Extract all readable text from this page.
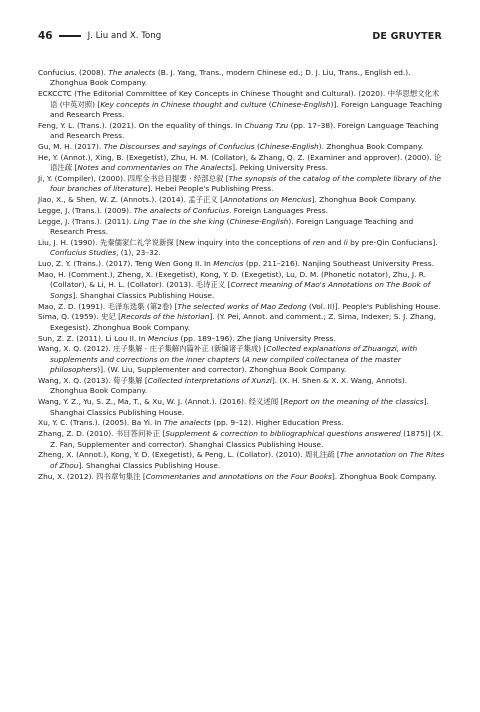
46	J. Liu and X. Tong	DE GRUYTER

Confucius. (2008). The analects (B. J. Yang, Trans., modern Chinese ed.; D. J. Liu, Trans., English ed.). Zhonghua Book Company.

ECKCCTC (The Editorial Committee of Key Concepts in Chinese Thought and Cultural). (2020). 中华思想文化术语 (中英对照) [Key concepts in Chinese thought and culture (Chinese-English)]. Foreign Language Teaching and Research Press.

Feng, Y. L. (Trans.). (2021). On the equality of things. In Chuang Tzu (pp. 17–38). Foreign Language Teaching and Research Press.

Gu, M. H. (2017). The Discourses and sayings of Confucius (Chinese-English). Zhonghua Book Company.

He, Y. (Annot.), Xing, B. (Exegetist), Zhu, H. M. (Collator), & Zhang, Q. Z. (Examiner and approver). (2000). 论语注疏 [Notes and commentaries on The Analects]. Peking University Press.

Ji, Y. (Compiler), (2000). 四库全书总目提要 · 经部总叙 [The synopsis of the catalog of the complete library of the four branches of literature]. Hebei People's Publishing Press.

Jiao, X., & Shen, W. Z. (Annots.). (2014). 孟子正义 [Annotations on Mencius]. Zhonghua Book Company.

Legge, J. (Trans.). (2009). The analects of Confucius. Foreign Languages Press.

Legge, J. (Trans.). (2011). Ling T'ae in the she king (Chinese-English). Foreign Language Teaching and Research Press.

Liu, J. H. (1990). 先秦儒家仁礼学说新探 [New inquiry into the conceptions of ren and li by pre-Qin Confucians]. Confucius Studies, (1), 23–32.

Luo, Z. Y. (Trans.). (2017). Teng Wen Gong II. In Mencius (pp. 211–216). Nanjing Southeast University Press.

Mao, H. (Comment.), Zheng, X. (Exegetist), Kong, Y. D. (Exegetist), Lu, D. M. (Phonetic notator), Zhu, J. R. (Collator), & Li, H. L. (Collator). (2013). 毛诗正义 [Correct meaning of Mao's Annotations on The Book of Songs]. Shanghai Classics Publishing House.

Mao, Z. D. (1991). 毛泽东选集 (第2卷) [The selected works of Mao Zedong (Vol. II)]. People's Publishing House.

Sima, Q. (1959). 史记 [Records of the historian]. (Y. Pei, Annot. and comment.; Z. Sima, Indexer; S. J. Zhang, Exegesist). Zhonghua Book Company.

Sun, Z. Z. (2011). Li Lou II. In Mencius (pp. 189–196). Zhe Jiang University Press.

Wang, X. Q. (2012). 庄子集解 · 庄子集解内篇补正 (新编诸子集成) [Collected explanations of Zhuangzi, with supplements and corrections on the inner chapters (A new compiled collectanea of the master philosophers)]. (W. Liu, Supplementer and corrector). Zhonghua Book Company.

Wang, X. Q. (2013). 荀子集解 [Collected interpretations of Xunzi]. (X. H. Shen & X. X. Wang, Annots). Zhonghua Book Company.

Wang, Y. Z., Yu, S. Z., Ma, T., & Xu, W. J. (Annot.). (2016). 经义述闻 [Report on the meaning of the classics]. Shanghai Classics Publishing House.

Xu, Y. C. (Trans.). (2005). Ba Yi. In The analects (pp. 9–12). Higher Education Press.

Zhang, Z. D. (2010). 书目答问补正 [Supplement & correction to bibliographical questions answered (1875)] (X. Z. Fan, Supplementer and corrector). Shanghai Classics Publishing House.

Zheng, X. (Annot.), Kong, Y. D. (Exegetist), & Peng, L. (Collator). (2010). 周礼注疏 [The annotation on The Rites of Zhou]. Shanghai Classics Publishing House.

Zhu, X. (2012). 四书章句集注 [Commentaries and annotations on the Four Books]. Zhonghua Book Company.
